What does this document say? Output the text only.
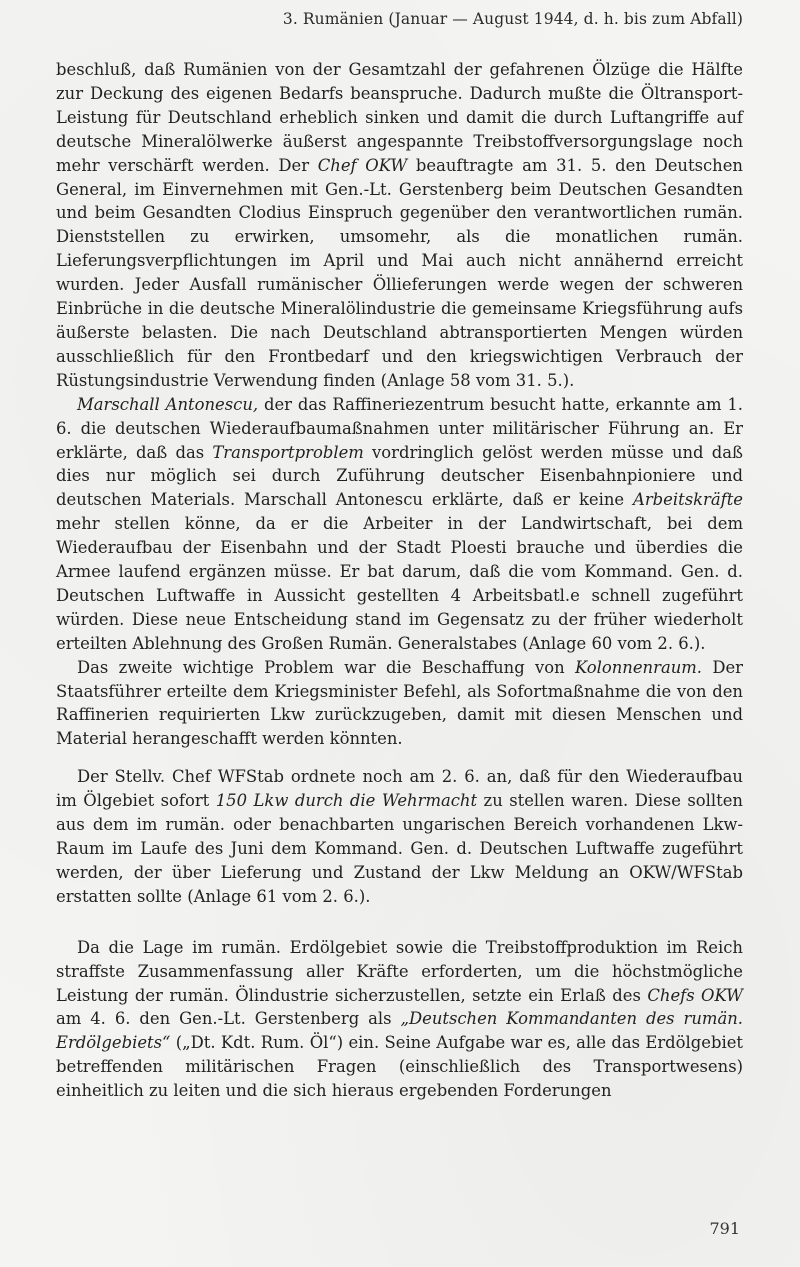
3. Rumänien (Januar — August 1944, d. h. bis zum Abfall)

beschluß, daß Rumänien von der Gesamtzahl der gefahrenen Ölzüge die Hälfte zur Deckung des eigenen Bedarfs beanspruche. Dadurch mußte die Öltransport-Leistung für Deutschland erheblich sinken und damit die durch Luftangriffe auf deutsche Mineralölwerke äußerst angespannte Treibstoffversorgungslage noch mehr verschärft werden. Der Chef OKW beauftragte am 31. 5. den Deutschen General, im Einvernehmen mit Gen.-Lt. Gerstenberg beim Deutschen Gesandten und beim Gesandten Clodius Einspruch gegenüber den verantwortlichen rumän. Dienststellen zu erwirken, umsomehr, als die monatlichen rumän. Lieferungsverpflichtungen im April und Mai auch nicht annähernd erreicht wurden. Jeder Ausfall rumänischer Öllieferungen werde wegen der schweren Einbrüche in die deutsche Mineralölindustrie die gemeinsame Kriegsführung aufs äußerste belasten. Die nach Deutschland abtransportierten Mengen würden ausschließlich für den Frontbedarf und den kriegswichtigen Verbrauch der Rüstungsindustrie Verwendung finden (Anlage 58 vom 31. 5.).

Marschall Antonescu, der das Raffineriezentrum besucht hatte, erkannte am 1. 6. die deutschen Wiederaufbaumaßnahmen unter militärischer Führung an. Er erklärte, daß das Transportproblem vordringlich gelöst werden müsse und daß dies nur möglich sei durch Zuführung deutscher Eisenbahnpioniere und deutschen Materials. Marschall Antonescu erklärte, daß er keine Arbeitskräfte mehr stellen könne, da er die Arbeiter in der Landwirtschaft, bei dem Wiederaufbau der Eisenbahn und der Stadt Ploesti brauche und überdies die Armee laufend ergänzen müsse. Er bat darum, daß die vom Kommand. Gen. d. Deutschen Luftwaffe in Aussicht gestellten 4 Arbeitsbatl.e schnell zugeführt würden. Diese neue Entscheidung stand im Gegensatz zu der früher wiederholt erteilten Ablehnung des Großen Rumän. Generalstabes (Anlage 60 vom 2. 6.).

Das zweite wichtige Problem war die Beschaffung von Kolonnenraum. Der Staatsführer erteilte dem Kriegsminister Befehl, als Sofortmaßnahme die von den Raffinerien requirierten Lkw zurückzugeben, damit mit diesen Menschen und Material herangeschafft werden könnten.

Der Stellv. Chef WFStab ordnete noch am 2. 6. an, daß für den Wiederaufbau im Ölgebiet sofort 150 Lkw durch die Wehrmacht zu stellen waren. Diese sollten aus dem im rumän. oder benachbarten ungarischen Bereich vorhandenen Lkw-Raum im Laufe des Juni dem Kommand. Gen. d. Deutschen Luftwaffe zugeführt werden, der über Lieferung und Zustand der Lkw Meldung an OKW/WFStab erstatten sollte (Anlage 61 vom 2. 6.).

Da die Lage im rumän. Erdölgebiet sowie die Treibstoffproduktion im Reich straffste Zusammenfassung aller Kräfte erforderten, um die höchstmögliche Leistung der rumän. Ölindustrie sicherzustellen, setzte ein Erlaß des Chefs OKW am 4. 6. den Gen.-Lt. Gerstenberg als „Deutschen Kommandanten des rumän. Erdölgebiets“ („Dt. Kdt. Rum. Öl“) ein. Seine Aufgabe war es, alle das Erdölgebiet betreffenden militärischen Fragen (einschließlich des Transportwesens) einheitlich zu leiten und die sich hieraus ergebenden Forderungen

791
